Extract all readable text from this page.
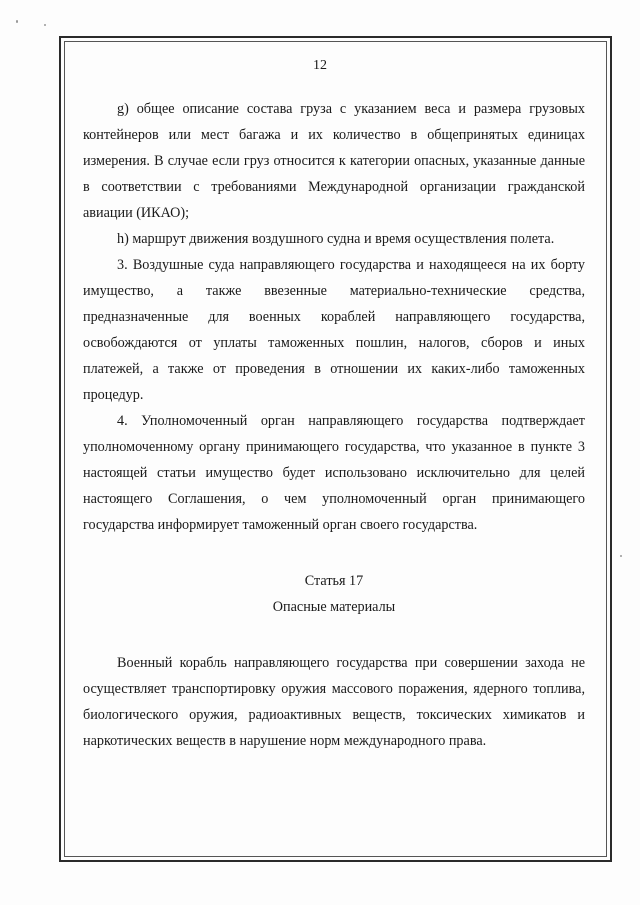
12

g) общее описание состава груза с указанием веса и размера грузовых контейнеров или мест багажа и их количество в общепринятых единицах измерения. В случае если груз относится к категории опасных, указанные данные в соответствии с требованиями Международной организации гражданской авиации (ИКАО);

h) маршрут движения воздушного судна и время осуществления полета.

3. Воздушные суда направляющего государства и находящееся на их борту имущество, а также ввезенные материально-технические средства, предназначенные для военных кораблей направляющего государства, освобождаются от уплаты таможенных пошлин, налогов, сборов и иных платежей, а также от проведения в отношении их каких-либо таможенных процедур.

4. Уполномоченный орган направляющего государства подтверждает уполномоченному органу принимающего государства, что указанное в пункте 3 настоящей статьи имущество будет использовано исключительно для целей настоящего Соглашения, о чем уполномоченный орган принимающего государства информирует таможенный орган своего государства.

Статья 17

Опасные материалы

Военный корабль направляющего государства при совершении захода не осуществляет транспортировку оружия массового поражения, ядерного топлива, биологического оружия, радиоактивных веществ, токсических химикатов и наркотических веществ в нарушение норм международного права.
